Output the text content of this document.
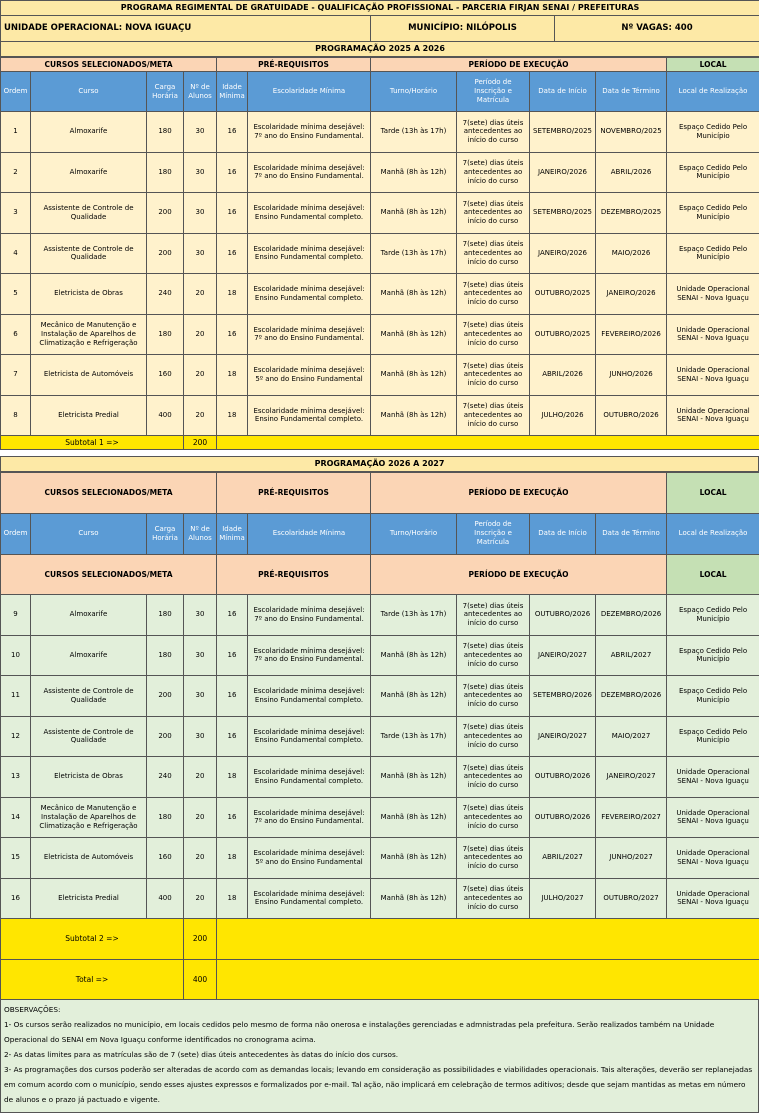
PROGRAMA REGIMENTAL DE GRATUIDADE - QUALIFICAÇÃO PROFISSIONAL - PARCERIA FIRJAN SENAI / PREFEITURAS
UNIDADE OPERACIONAL: NOVA IGUAÇU	MUNICÍPIO: NILÓPOLIS	Nº VAGAS: 400
PROGRAMAÇÃO 2025 A 2026
CURSOS SELECIONADOS/META				PRÉ-REQUISITOS		PERÍODO DE EXECUÇÃO				LOCAL
Ordem	Curso	Carga Horária	Nº de Alunos	Idade Mínima	Escolaridade Mínima	Turno/Horário	Período de Inscrição e Matrícula	Data de Início	Data de Término	Local de Realização
1	Almoxarife	180	30	16	Escolaridade mínima desejável: 7º ano do Ensino Fundamental.	Tarde (13h às 17h)	7(sete) dias úteis antecedentes ao início do curso	SETEMBRO/2025	NOVEMBRO/2025	Espaço Cedido Pelo Município
2	Almoxarife	180	30	16	Escolaridade mínima desejável: 7º ano do Ensino Fundamental.	Manhã (8h às 12h)	7(sete) dias úteis antecedentes ao início do curso	JANEIRO/2026	ABRIL/2026	Espaço Cedido Pelo Município
3	Assistente de Controle de Qualidade	200	30	16	Escolaridade mínima desejável: Ensino Fundamental completo.	Manhã (8h às 12h)	7(sete) dias úteis antecedentes ao início do curso	SETEMBRO/2025	DEZEMBRO/2025	Espaço Cedido Pelo Município
4	Assistente de Controle de Qualidade	200	30	16	Escolaridade mínima desejável: Ensino Fundamental completo.	Tarde (13h às 17h)	7(sete) dias úteis antecedentes ao início do curso	JANEIRO/2026	MAIO/2026	Espaço Cedido Pelo Município
5	Eletricista de Obras	240	20	18	Escolaridade mínima desejável: Ensino Fundamental completo.	Manhã (8h às 12h)	7(sete) dias úteis antecedentes ao início do curso	OUTUBRO/2025	JANEIRO/2026	Unidade Operacional SENAI - Nova Iguaçu
6	Mecânico de Manutenção e Instalação de Aparelhos de Climatização e Refrigeração	180	20	16	Escolaridade mínima desejável: 7º ano do Ensino Fundamental.	Manhã (8h às 12h)	7(sete) dias úteis antecedentes ao início do curso	OUTUBRO/2025	FEVEREIRO/2026	Unidade Operacional SENAI - Nova Iguaçu
7	Eletricista de Automóveis	160	20	18	Escolaridade mínima desejável: 5º ano do Ensino Fundamental	Manhã (8h às 12h)	7(sete) dias úteis antecedentes ao início do curso	ABRIL/2026	JUNHO/2026	Unidade Operacional SENAI - Nova Iguaçu
8	Eletricista Predial	400	20	18	Escolaridade mínima desejável: Ensino Fundamental completo.	Manhã (8h às 12h)	7(sete) dias úteis antecedentes ao início do curso	JULHO/2026	OUTUBRO/2026	Unidade Operacional SENAI - Nova Iguaçu
Subtotal 1 =>			200							
PROGRAMAÇÃO 2026 A 2027
CURSOS SELECIONADOS/META				PRÉ-REQUISITOS		PERÍODO DE EXECUÇÃO				LOCAL
Ordem	Curso	Carga Horária	Nº de Alunos	Idade Mínima	Escolaridade Mínima	Turno/Horário	Período de Inscrição e Matrícula	Data de Início	Data de Término	Local de Realização
CURSOS SELECIONADOS/META				PRÉ-REQUISITOS		PERÍODO DE EXECUÇÃO				LOCAL
9	Almoxarife	180	30	16	Escolaridade mínima desejável: 7º ano do Ensino Fundamental.	Tarde (13h às 17h)	7(sete) dias úteis antecedentes ao início do curso	OUTUBRO/2026	DEZEMBRO/2026	Espaço Cedido Pelo Município
10	Almoxarife	180	30	16	Escolaridade mínima desejável: 7º ano do Ensino Fundamental.	Manhã (8h às 12h)	7(sete) dias úteis antecedentes ao início do curso	JANEIRO/2027	ABRIL/2027	Espaço Cedido Pelo Município
11	Assistente de Controle de Qualidade	200	30	16	Escolaridade mínima desejável: Ensino Fundamental completo.	Manhã (8h às 12h)	7(sete) dias úteis antecedentes ao início do curso	SETEMBRO/2026	DEZEMBRO/2026	Espaço Cedido Pelo Município
12	Assistente de Controle de Qualidade	200	30	16	Escolaridade mínima desejável: Ensino Fundamental completo.	Tarde (13h às 17h)	7(sete) dias úteis antecedentes ao início do curso	JANEIRO/2027	MAIO/2027	Espaço Cedido Pelo Município
13	Eletricista de Obras	240	20	18	Escolaridade mínima desejável: Ensino Fundamental completo.	Manhã (8h às 12h)	7(sete) dias úteis antecedentes ao início do curso	OUTUBRO/2026	JANEIRO/2027	Unidade Operacional SENAI - Nova Iguaçu
14	Mecânico de Manutenção e Instalação de Aparelhos de Climatização e Refrigeração	180	20	16	Escolaridade mínima desejável: 7º ano do Ensino Fundamental.	Manhã (8h às 12h)	7(sete) dias úteis antecedentes ao início do curso	OUTUBRO/2026	FEVEREIRO/2027	Unidade Operacional SENAI - Nova Iguaçu
15	Eletricista de Automóveis	160	20	18	Escolaridade mínima desejável: 5º ano do Ensino Fundamental	Manhã (8h às 12h)	7(sete) dias úteis antecedentes ao início do curso	ABRIL/2027	JUNHO/2027	Unidade Operacional SENAI - Nova Iguaçu
16	Eletricista Predial	400	20	18	Escolaridade mínima desejável: Ensino Fundamental completo.	Manhã (8h às 12h)	7(sete) dias úteis antecedentes ao início do curso	JULHO/2027	OUTUBRO/2027	Unidade Operacional SENAI - Nova Iguaçu
Subtotal 2 =>			200							
Total =>			400							

OBSERVAÇÕES:

1- Os cursos serão realizados no município, em locais cedidos pelo mesmo de forma não onerosa e instalações gerenciadas e admnistradas pela prefeitura. Serão realizados também na Unidade Operacional do SENAI em Nova Iguaçu conforme identificados no cronograma acima.

2- As datas limites para as matrículas são de 7 (sete) dias úteis antecedentes às datas do início dos cursos.

3- As programações dos cursos poderão ser alteradas de acordo com as demandas locais; levando em consideração as possibilidades e viabilidades operacionais. Tais alterações, deverão ser replanejadas em comum acordo com o município, sendo esses ajustes expressos e formalizados por e-mail. Tal ação, não implicará em celebração de termos aditivos; desde que sejam mantidas as metas em número de alunos e o prazo já pactuado e vigente.
